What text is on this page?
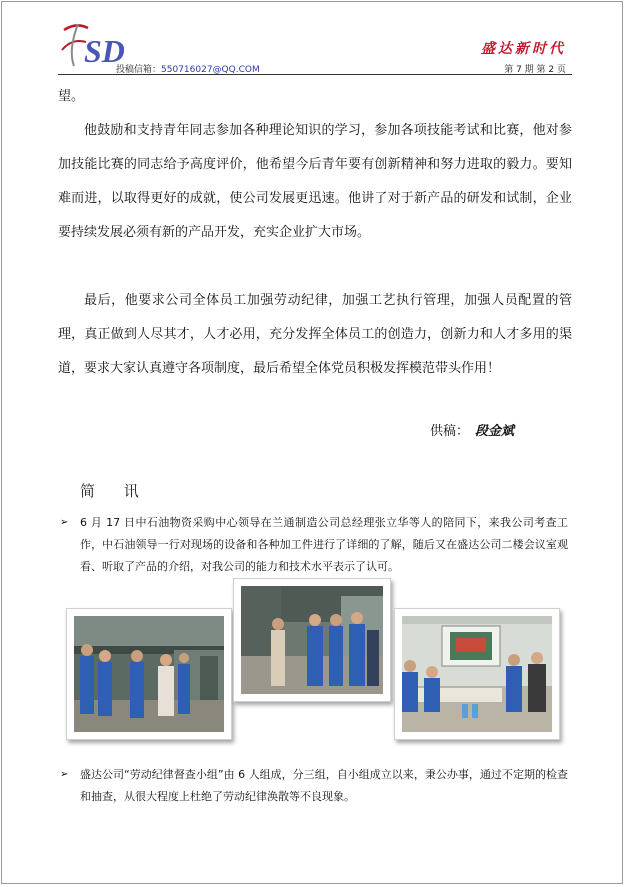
SD
投稿信箱：550716027@QQ.COM
盛达新时代
第 7 期 第 2 页

望。

他鼓励和支持青年同志参加各种理论知识的学习，参加各项技能考试和比赛，他对参加技能比赛的同志给予高度评价，他希望今后青年要有创新精神和努力进取的毅力。要知难而进，以取得更好的成就，使公司发展更迅速。他讲了对于新产品的研发和试制，企业要持续发展必须有新的产品开发，充实企业扩大市场。

最后，他要求公司全体员工加强劳动纪律，加强工艺执行管理，加强人员配置的管理，真正做到人尽其才，人才必用，充分发挥全体员工的创造力，创新力和人才多用的渠道，要求大家认真遵守各项制度，最后希望全体党员积极发挥模范带头作用！

供稿： 段金斌
简 讯
➢ 6 月 17 日中石油物资采购中心领导在兰通制造公司总经理张立华等人的陪同下，来我公司考查工作，中石油领导一行对现场的设备和各种加工件进行了详细的了解，随后又在盛达公司二楼会议室观看、听取了产品的介绍，对我公司的能力和技术水平表示了认可。
➢ 盛达公司“劳动纪律督查小组”由 6 人组成，分三组，自小组成立以来，秉公办事，通过不定期的检查和抽查，从很大程度上杜绝了劳动纪律涣散等不良现象。
